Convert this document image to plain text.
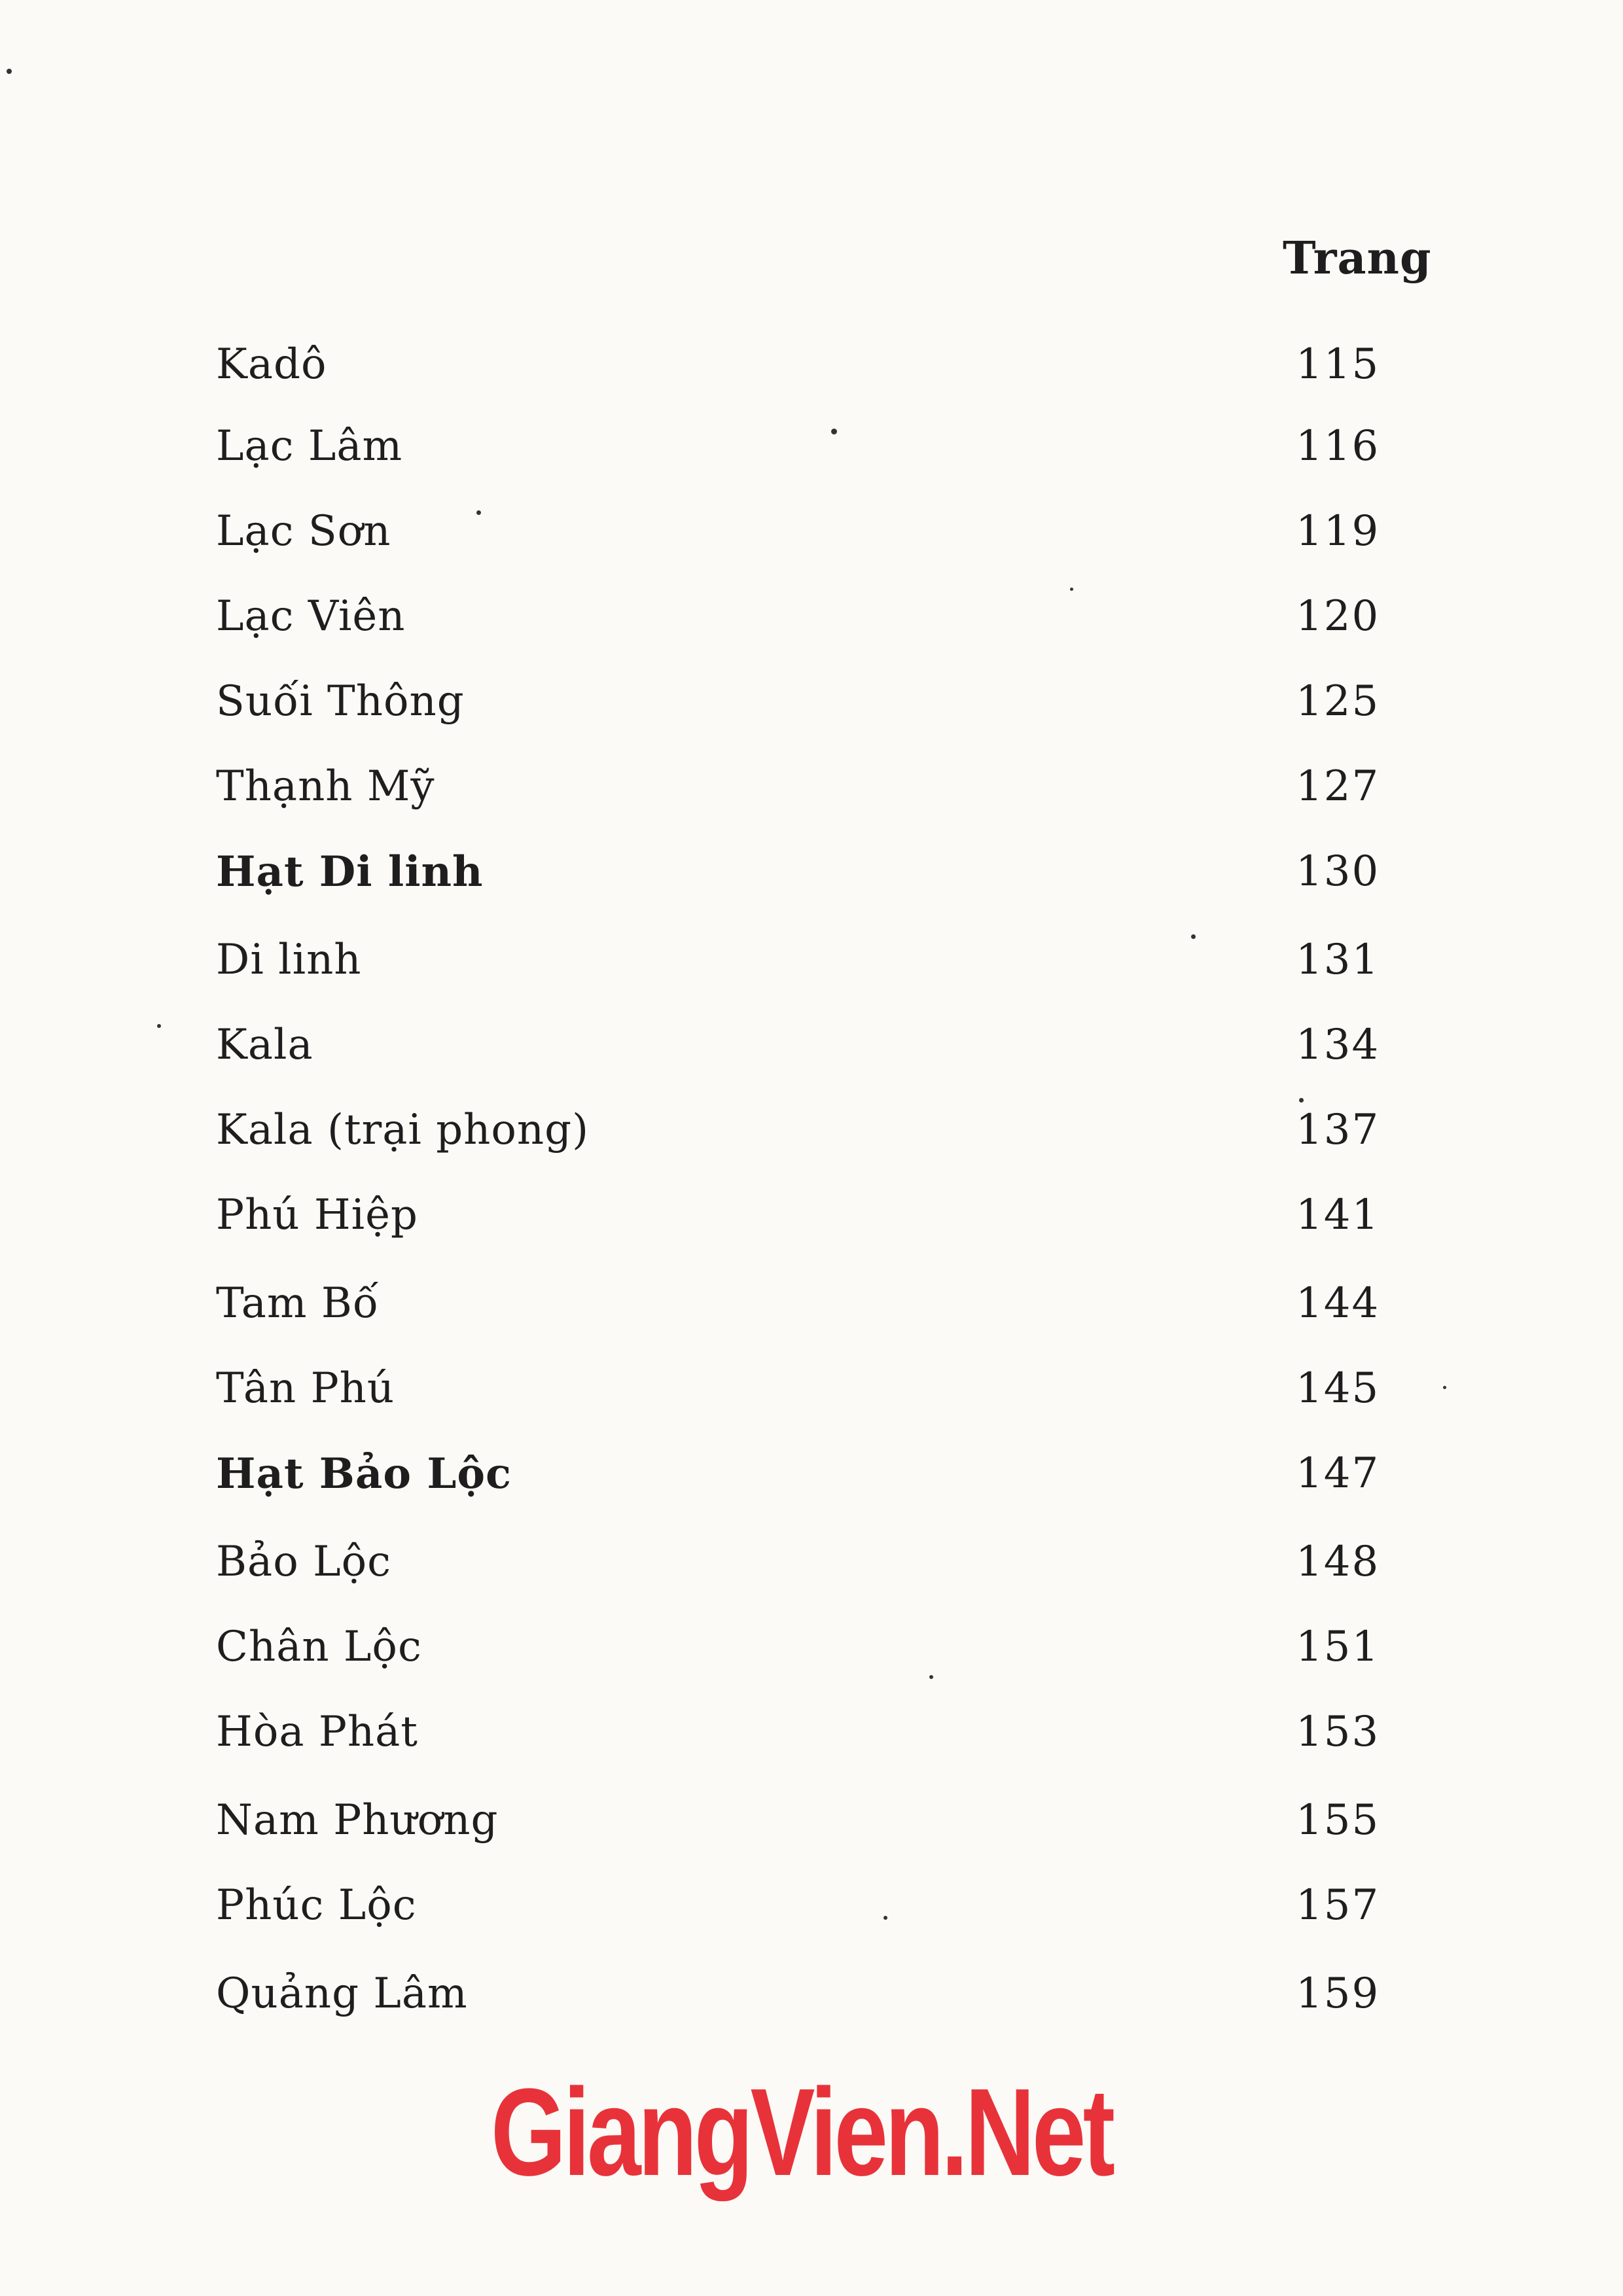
Trang
Kadô	115
Lạc Lâm	116
Lạc Sơn	119
Lạc Viên	120
Suối Thông	125
Thạnh Mỹ	127
Hạt Di linh	130
Di linh	131
Kala	134
Kala (trại phong)	137
Phú Hiệp	141
Tam Bố	144
Tân Phú	145
Hạt Bảo Lộc	147
Bảo Lộc	148
Chân Lộc	151
Hòa Phát	153
Nam Phương	155
Phúc Lộc	157
Quảng Lâm	159
GiangVien.Net
